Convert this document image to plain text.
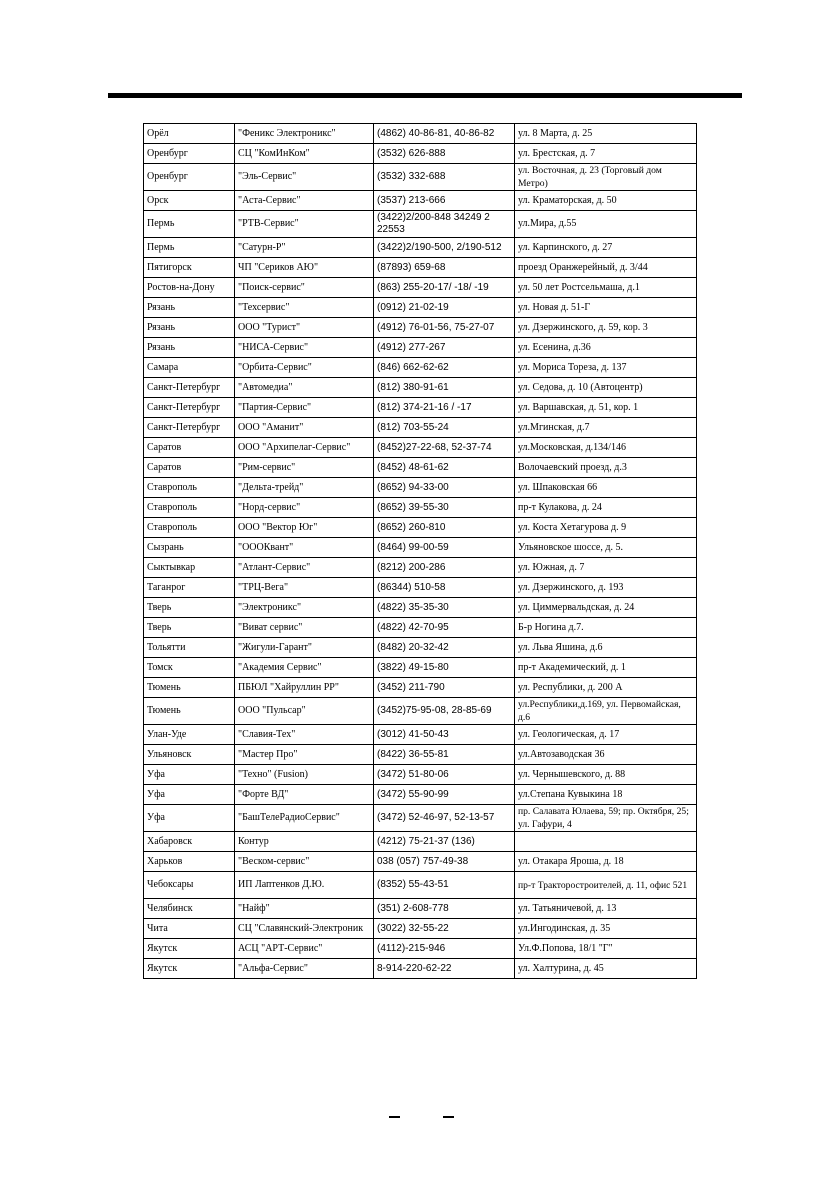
Орёл	"Феникс Электроникс"	(4862) 40-86-81, 40-86-82	ул. 8 Марта, д. 25
Оренбург	СЦ "КомИнКом"	(3532) 626-888	ул. Брестская, д. 7
Оренбург	"Эль-Сервис"	(3532) 332-688	ул. Восточная, д. 23 (Торговый дом Метро)
Орск	"Аста-Сервис"	(3537) 213-666	ул. Краматорская, д. 50
Пермь	"РТВ-Сервис"	(3422)2/200-848 34249 2 22553	ул.Мира, д.55
Пермь	"Сатурн-Р"	(3422)2/190-500, 2/190-512	ул. Карпинского, д. 27
Пятигорск	ЧП "Сериков АЮ"	(87893) 659-68	проезд Оранжерейный, д. 3/44
Ростов-на-Дону	"Поиск-сервис"	(863) 255-20-17/ -18/ -19	ул. 50 лет Ростсельмаша, д.1
Рязань	"Техсервис"	(0912) 21-02-19	ул. Новая д. 51-Г
Рязань	ООО "Турист"	(4912) 76-01-56, 75-27-07	ул. Дзержинского, д. 59, кор. 3
Рязань	"НИСА-Сервис"	(4912) 277-267	ул. Есенина, д.36
Самара	"Орбита-Сервис"	(846) 662-62-62	ул. Мориса Тореза, д. 137
Санкт-Петербург	"Автомедиа"	(812) 380-91-61	ул. Седова, д. 10 (Автоцентр)
Санкт-Петербург	"Партия-Сервис"	(812) 374-21-16 / -17	ул. Варшавская, д. 51, кор. 1
Санкт-Петербург	ООО "Аманит"	(812) 703-55-24	ул.Мгинская, д.7
Саратов	ООО "Архипелаг-Сервис"	(8452)27-22-68, 52-37-74	ул.Московская, д.134/146
Саратов	"Рим-сервис"	(8452) 48-61-62	Волочаевский проезд, д.3
Ставрополь	"Дельта-трейд"	(8652) 94-33-00	ул. Шпаковская 66
Ставрополь	"Норд-сервис"	(8652) 39-55-30	пр-т Кулакова, д. 24
Ставрополь	ООО "Вектор Юг"	(8652) 260-810	ул. Коста Хетагурова д. 9
Сызрань	"ОООКвант"	(8464) 99-00-59	Ульяновское шоссе, д. 5.
Сыктывкар	"Атлант-Сервис"	(8212) 200-286	ул. Южная, д. 7
Таганрог	"ТРЦ-Вега"	(86344) 510-58	ул. Дзержинского, д. 193
Тверь	"Электроникс"	(4822) 35-35-30	ул. Циммервальдская, д. 24
Тверь	"Виват сервис"	(4822) 42-70-95	Б-р Ногина д.7.
Тольятти	"Жигули-Гарант"	(8482) 20-32-42	ул. Льва Яшина, д.6
Томск	"Академия Сервис"	(3822) 49-15-80	пр-т Академический, д. 1
Тюмень	ПБЮЛ "Хайруллин РР"	(3452) 211-790	ул. Республики, д. 200 А
Тюмень	ООО "Пульсар"	(3452)75-95-08, 28-85-69	ул.Республики,д.169, ул. Первомайская, д.6
Улан-Уде	"Славия-Тех"	(3012) 41-50-43	ул. Геологическая, д. 17
Ульяновск	"Мастер Про"	(8422) 36-55-81	ул.Автозаводская 36
Уфа	"Техно" (Fusion)	(3472) 51-80-06	ул. Чернышевского, д. 88
Уфа	"Форте ВД"	(3472) 55-90-99	ул.Степана Кувыкина 18
Уфа	"БашТелеРадиоСервис"	(3472) 52-46-97, 52-13-57	пр. Салавата Юлаева, 59; пр. Октября, 25; ул. Гафури, 4
Хабаровск	Контур	(4212) 75-21-37 (136)	
Харьков	"Веском-сервис"	038 (057) 757-49-38	ул. Отакара Яроша, д. 18
Чебоксары	ИП Лаптенков Д.Ю.	(8352) 55-43-51	пр-т Тракторостроителей, д. 11, офис 521
Челябинск	"Найф"	(351) 2-608-778	ул. Татьяничевой, д. 13
Чита	СЦ "Славянский-Электроник	(3022) 32-55-22	ул.Ингодинская, д. 35
Якутск	АСЦ "АРТ-Сервис"	(4112)-215-946	Ул.Ф.Попова, 18/1 "Г"
Якутск	"Альфа-Сервис"	8-914-220-62-22	ул. Халтурина, д. 45
